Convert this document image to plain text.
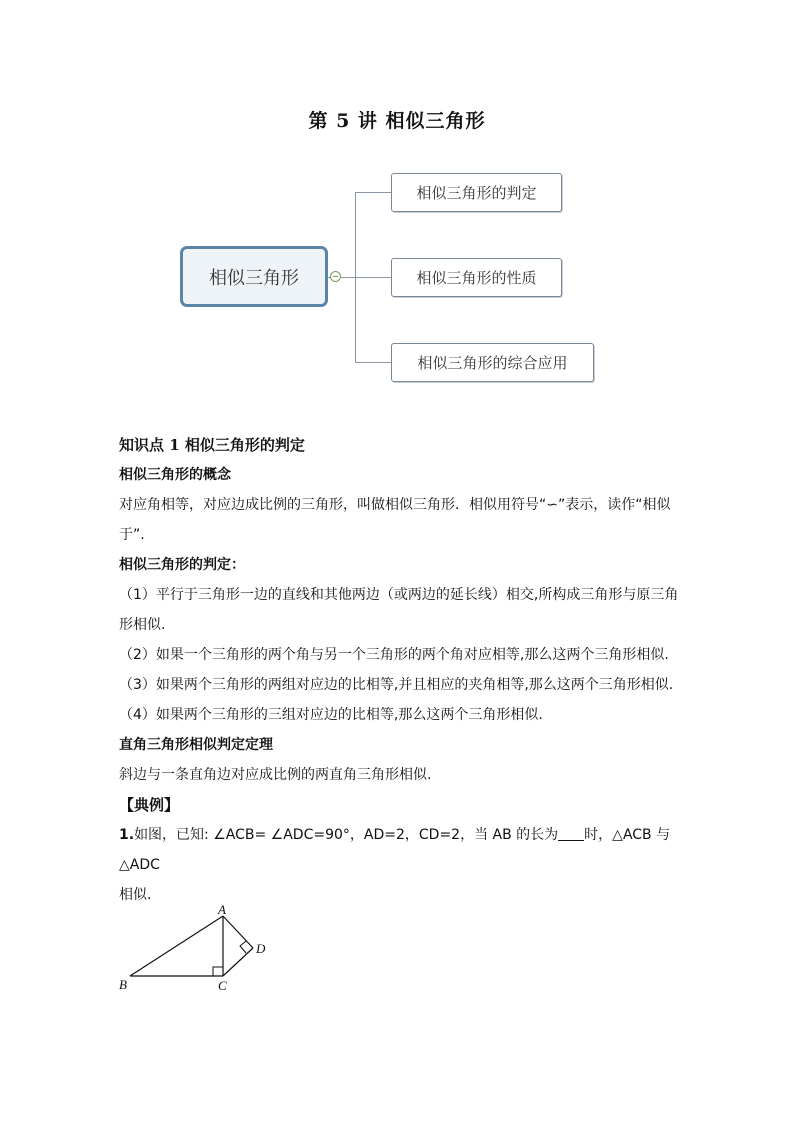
第 5 讲 相似三角形
相似三角形
相似三角形的判定
相似三角形的性质
相似三角形的综合应用

知识点 1 相似三角形的判定

相似三角形的概念

对应角相等，对应边成比例的三角形，叫做相似三角形．相似用符号“∽”表示，读作“相似于”.

相似三角形的判定：

（1）平行于三角形一边的直线和其他两边（或两边的延长线）相交,所构成三角形与原三角形相似.

（2）如果一个三角形的两个角与另一个三角形的两个角对应相等,那么这两个三角形相似.

（3）如果两个三角形的两组对应边的比相等,并且相应的夹角相等,那么这两个三角形相似.

（4）如果两个三角形的三组对应边的比相等,那么这两个三角形相似.

直角三角形相似判定定理

斜边与一条直角边对应成比例的两直角三角形相似.

【典例】

1.如图，已知: ∠ACB= ∠ADC=90°，AD=2，CD=2，当 AB 的长为 时，△ACB 与△ADC
相似．

A
B	C
D
